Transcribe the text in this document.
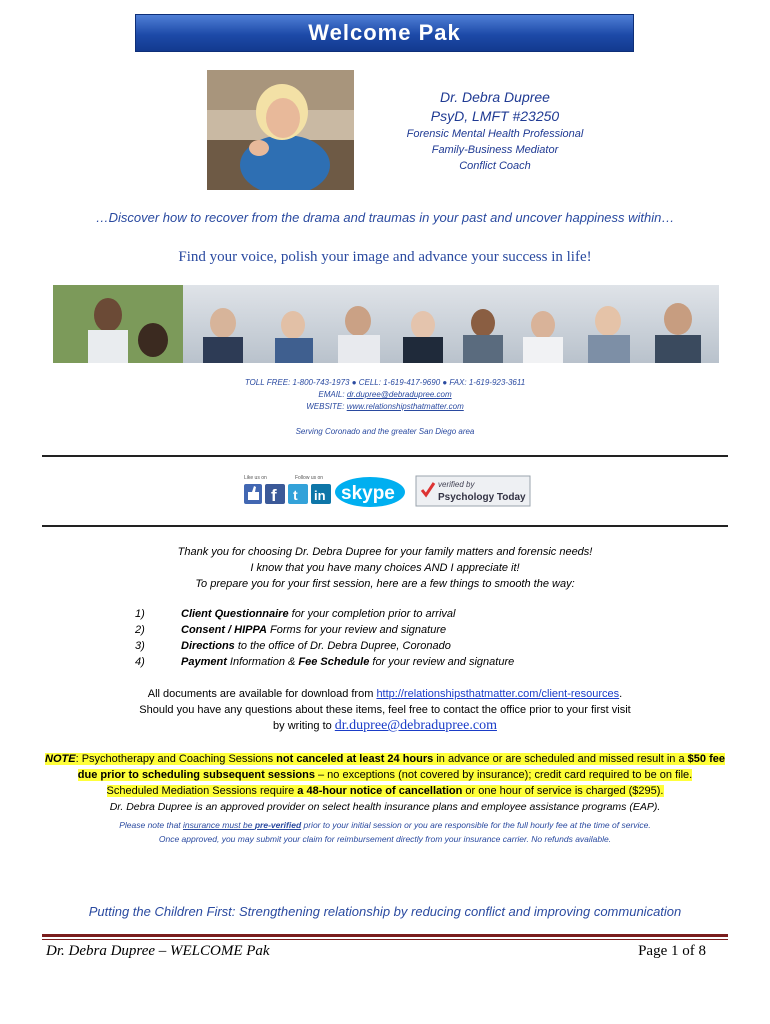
Welcome Pak
Dr. Debra Dupree
PsyD, LMFT #23250
Forensic Mental Health Professional
Family-Business Mediator
Conflict Coach
…Discover how to recover from the drama and traumas in your past and uncover happiness within…
Find your voice, polish your image and advance your success in life!
TOLL FREE: 1-800-743-1973 ● CELL: 1-619-417-9690 ● FAX: 1-619-923-3611
EMAIL: dr.dupree@debradupree.com
WEBSITE: www.relationshipsthatmatter.com
Serving Coronado and the greater San Diego area
Like us on	Follow us on
f t in skype	verified by
Psychology Today
Thank you for choosing Dr. Debra Dupree for your family matters and forensic needs!
I know that you have many choices AND I appreciate it!
To prepare you for your first session, here are a few things to smooth the way:
1)	Client Questionnaire for your completion prior to arrival
2)	Consent / HIPPA Forms for your review and signature
3)	Directions to the office of Dr. Debra Dupree, Coronado
4)	Payment Information & Fee Schedule for your review and signature
All documents are available for download from http://relationshipsthatmatter.com/client-resources.
Should you have any questions about these items, feel free to contact the office prior to your first visit
by writing to dr.dupree@debradupree.com
NOTE: Psychotherapy and Coaching Sessions not canceled at least 24 hours in advance or are scheduled and missed result in a $50 fee due prior to scheduling subsequent sessions – no exceptions (not covered by insurance); credit card required to be on file.
Scheduled Mediation Sessions require a 48-hour notice of cancellation or one hour of service is charged ($295).
Dr. Debra Dupree is an approved provider on select health insurance plans and employee assistance programs (EAP).
Please note that insurance must be pre-verified prior to your initial session or you are responsible for the full hourly fee at the time of service.
Once approved, you may submit your claim for reimbursement directly from your insurance carrier. No refunds available.
Putting the Children First: Strengthening relationship by reducing conflict and improving communication
Dr. Debra Dupree – WELCOME Pak	Page 1 of 8
